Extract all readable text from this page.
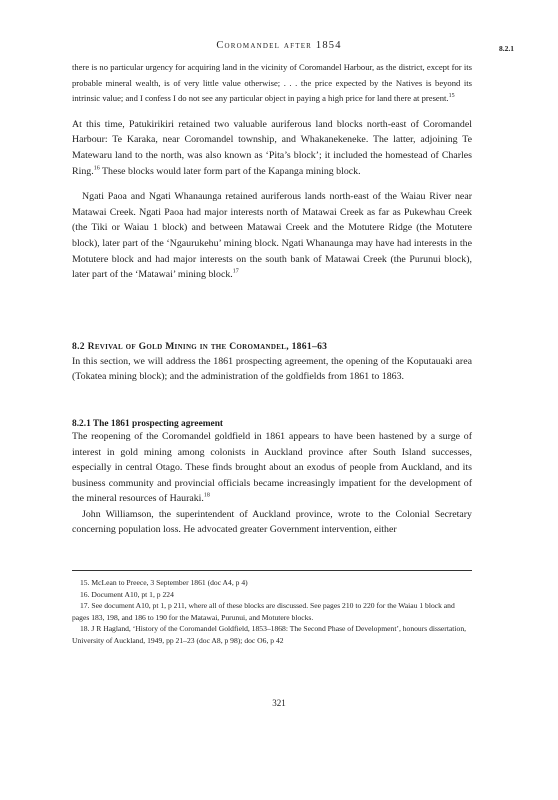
Coromandel after 1854	8.2.1

there is no particular urgency for acquiring land in the vicinity of Coromandel Harbour, as the district, except for its probable mineral wealth, is of very little value otherwise; . . . the price expected by the Natives is beyond its intrinsic value; and I confess I do not see any particular object in paying a high price for land there at present.$^{15}$

At this time, Patukirikiri retained two valuable auriferous land blocks north-east of Coromandel Harbour: Te Karaka, near Coromandel township, and Whakanekeneke. The latter, adjoining Te Matewaru land to the north, was also known as ‘Pita’s block’; it included the homestead of Charles Ring.$^{16}$ These blocks would later form part of the Kapanga mining block.

Ngati Paoa and Ngati Whanaunga retained auriferous lands north-east of the Waiau River near Matawai Creek. Ngati Paoa had major interests north of Matawai Creek as far as Pukewhau Creek (the Tiki or Waiau 1 block) and between Matawai Creek and the Motutere Ridge (the Motutere block), later part of the ‘Ngaurukehu’ mining block. Ngati Whanaunga may have had interests in the Motutere block and had major interests on the south bank of Matawai Creek (the Purunui block), later part of the ‘Matawai’ mining block.$^{17}$

8.2 Revival of Gold Mining in the Coromandel, 1861–63

In this section, we will address the 1861 prospecting agreement, the opening of the Koputauaki area (Tokatea mining block); and the administration of the goldfields from 1861 to 1863.

8.2.1 The 1861 prospecting agreement

The reopening of the Coromandel goldfield in 1861 appears to have been hastened by a surge of interest in gold mining among colonists in Auckland province after South Island successes, especially in central Otago. These finds brought about an exodus of people from Auckland, and its business community and provincial officials became increasingly impatient for the development of the mineral resources of Hauraki.$^{18}$

John Williamson, the superintendent of Auckland province, wrote to the Colonial Secretary concerning population loss. He advocated greater Government intervention, either

15. McLean to Preece, 3 September 1861 (doc A4, p 4)

16. Document A10, pt 1, p 224

17. See document A10, pt 1, p 211, where all of these blocks are discussed. See pages 210 to 220 for the Waiau 1 block and pages 183, 198, and 186 to 190 for the Matawai, Purunui, and Motutere blocks.

18. J R Hagland, ‘History of the Coromandel Goldfield, 1853–1868: The Second Phase of Development’, honours dissertation, University of Auckland, 1949, pp 21–23 (doc A8, p 98); doc O6, p 42

321
